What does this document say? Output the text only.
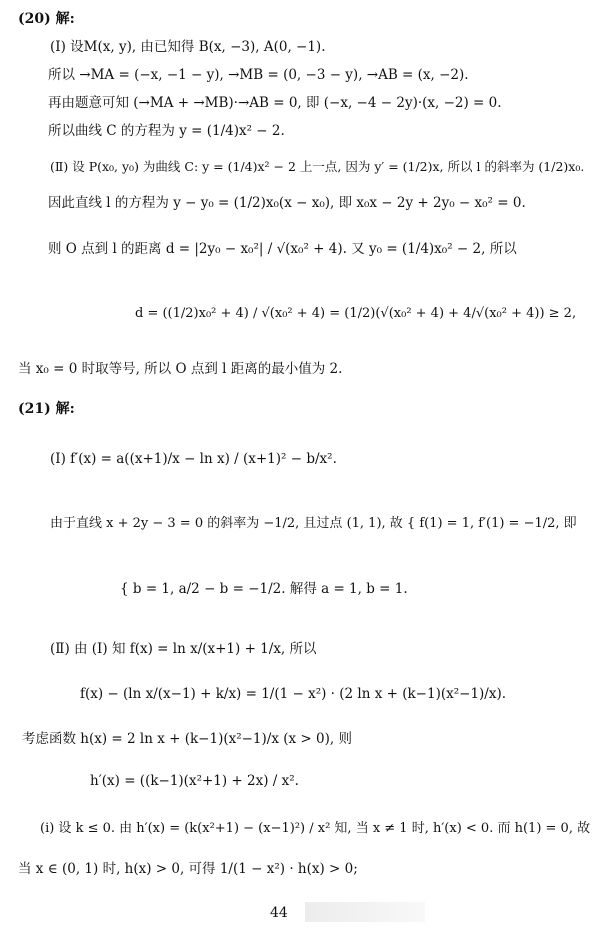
(20) 解:
(Ⅰ) 设M(x, y), 由已知得 B(x, −3), A(0, −1).
所以 →MA = (−x, −1 − y), →MB = (0, −3 − y), →AB = (x, −2).
再由题意可知 (→MA + →MB)·→AB = 0, 即 (−x, −4 − 2y)·(x, −2) = 0.
所以曲线 C 的方程为 y = (1/4)x² − 2.
(Ⅱ) 设 P(x₀, y₀) 为曲线 C: y = (1/4)x² − 2 上一点, 因为 y′ = (1/2)x, 所以 l 的斜率为 (1/2)x₀.
因此直线 l 的方程为 y − y₀ = (1/2)x₀(x − x₀), 即 x₀x − 2y + 2y₀ − x₀² = 0.
则 O 点到 l 的距离 d = |2y₀ − x₀²| / √(x₀² + 4). 又 y₀ = (1/4)x₀² − 2, 所以
d = ((1/2)x₀² + 4) / √(x₀² + 4) = (1/2)(√(x₀² + 4) + 4/√(x₀² + 4)) ≥ 2,
当 x₀ = 0 时取等号, 所以 O 点到 l 距离的最小值为 2.
(21) 解:
(Ⅰ) f′(x) = a((x+1)/x − ln x) / (x+1)² − b/x².
由于直线 x + 2y − 3 = 0 的斜率为 −1/2, 且过点 (1, 1), 故 { f(1) = 1, f′(1) = −1/2, 即
{ b = 1, a/2 − b = −1/2. 解得 a = 1, b = 1.
(Ⅱ) 由 (Ⅰ) 知 f(x) = ln x/(x+1) + 1/x, 所以
f(x) − (ln x/(x−1) + k/x) = 1/(1 − x²) · (2 ln x + (k−1)(x²−1)/x).
考虑函数 h(x) = 2 ln x + (k−1)(x²−1)/x (x > 0), 则
h′(x) = ((k−1)(x²+1) + 2x) / x².
(i) 设 k ≤ 0. 由 h′(x) = (k(x²+1) − (x−1)²) / x² 知, 当 x ≠ 1 时, h′(x) < 0. 而 h(1) = 0, 故
当 x ∈ (0, 1) 时, h(x) > 0, 可得 1/(1 − x²) · h(x) > 0;
44
